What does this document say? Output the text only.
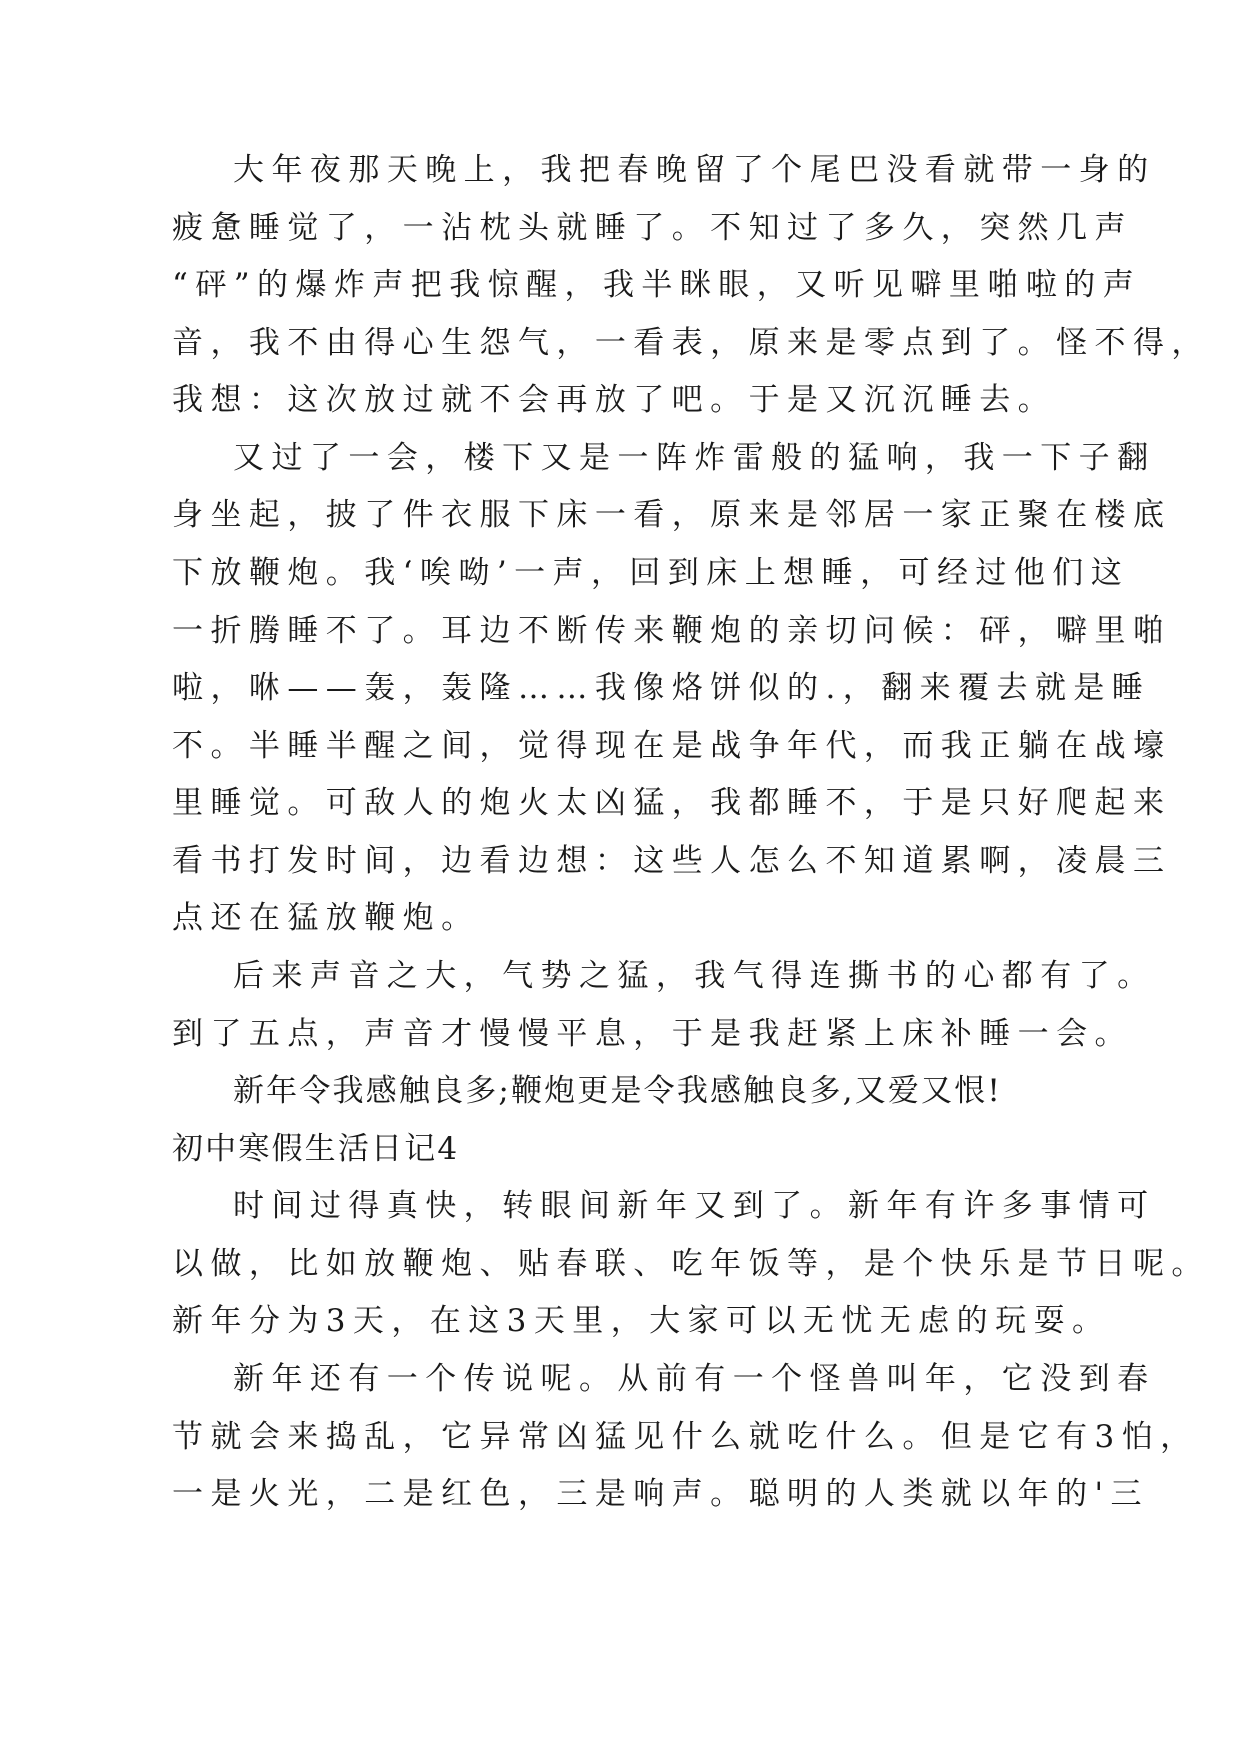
大年夜那天晚上，我把春晚留了个尾巴没看就带一身的
疲惫睡觉了，一沾枕头就睡了。不知过了多久，突然几声
“砰”的爆炸声把我惊醒，我半眯眼，又听见噼里啪啦的声
音，我不由得心生怨气，一看表，原来是零点到了。怪不得，
我想：这次放过就不会再放了吧。于是又沉沉睡去。
又过了一会，楼下又是一阵炸雷般的猛响，我一下子翻
身坐起，披了件衣服下床一看，原来是邻居一家正聚在楼底
下放鞭炮。我‘唉呦’一声，回到床上想睡，可经过他们这
一折腾睡不了。耳边不断传来鞭炮的亲切问候：砰，噼里啪
啦，咻——轰，轰隆……我像烙饼似的.，翻来覆去就是睡
不。半睡半醒之间，觉得现在是战争年代，而我正躺在战壕
里睡觉。可敌人的炮火太凶猛，我都睡不，于是只好爬起来
看书打发时间，边看边想：这些人怎么不知道累啊，凌晨三
点还在猛放鞭炮。
后来声音之大，气势之猛，我气得连撕书的心都有了。
到了五点，声音才慢慢平息，于是我赶紧上床补睡一会。
新年令我感触良多;鞭炮更是令我感触良多,又爱又恨!
初中寒假生活日记4
时间过得真快，转眼间新年又到了。新年有许多事情可
以做，比如放鞭炮、贴春联、吃年饭等，是个快乐是节日呢。
新年分为3天，在这3天里，大家可以无忧无虑的玩耍。
新年还有一个传说呢。从前有一个怪兽叫年，它没到春
节就会来捣乱，它异常凶猛见什么就吃什么。但是它有3怕，
一是火光，二是红色，三是响声。聪明的人类就以年的'三
